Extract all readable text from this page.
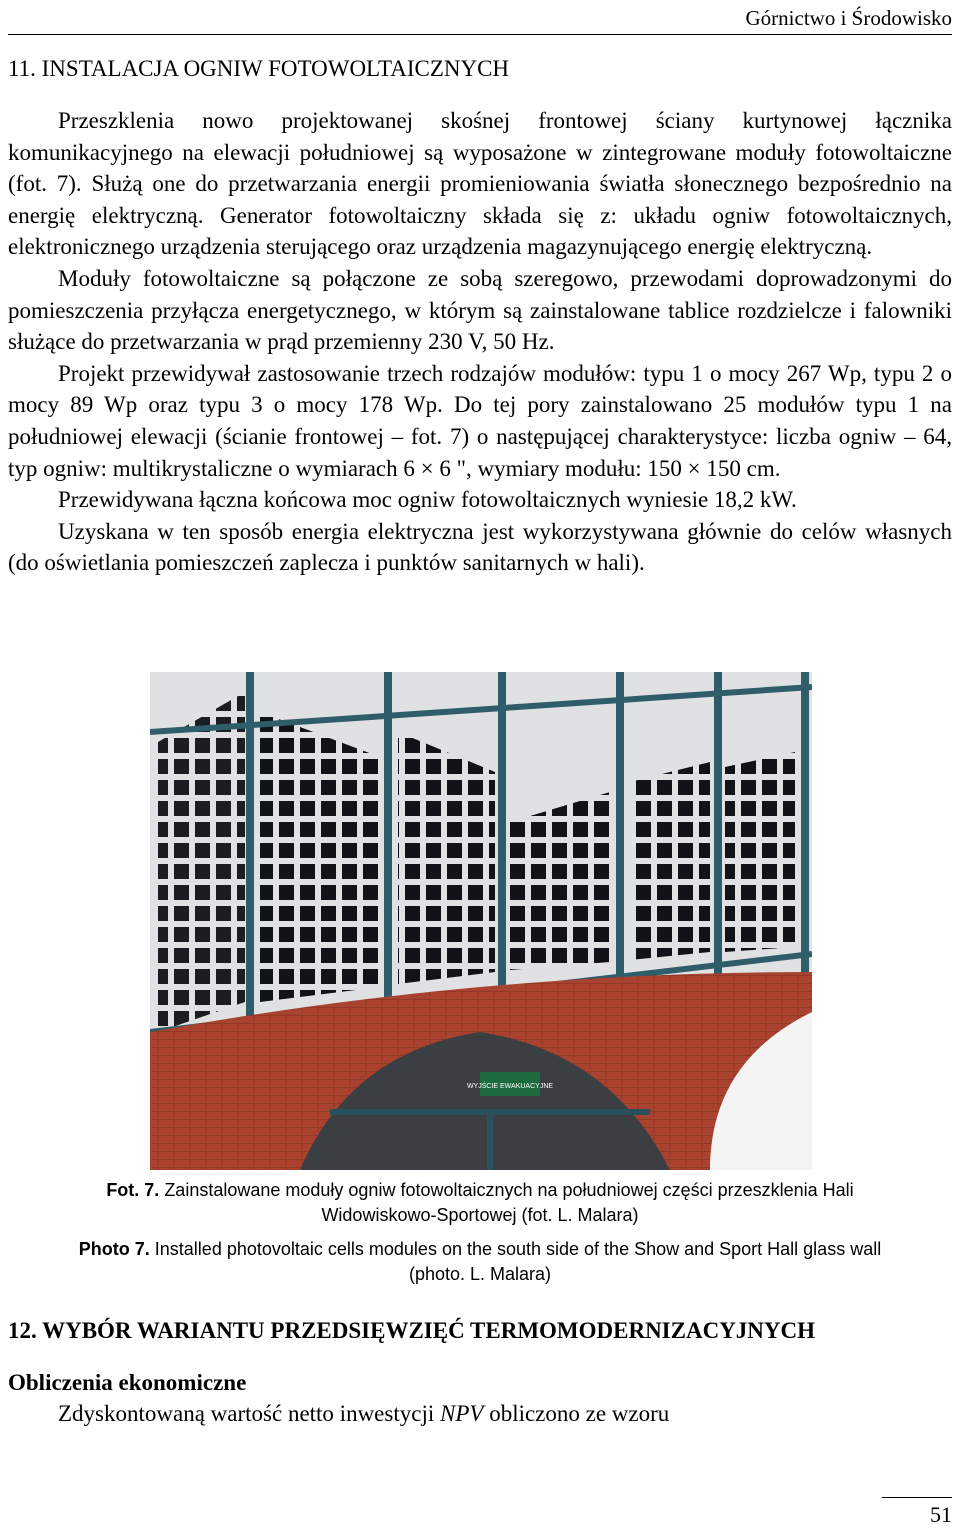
Górnictwo i Środowisko
11. INSTALACJA OGNIW FOTOWOLTAICZNYCH

Przeszklenia nowo projektowanej skośnej frontowej ściany kurtynowej łącznika komunikacyjnego na elewacji południowej są wyposażone w zintegrowane moduły fotowoltaiczne (fot. 7). Służą one do przetwarzania energii promieniowania światła słonecznego bezpośrednio na energię elektryczną. Generator fotowoltaiczny składa się z: układu ogniw fotowoltaicznych, elektronicznego urządzenia sterującego oraz urządzenia magazynującego energię elektryczną.

Moduły fotowoltaiczne są połączone ze sobą szeregowo, przewodami doprowadzonymi do pomieszczenia przyłącza energetycznego, w którym są zainstalowane tablice rozdzielcze i falowniki służące do przetwarzania w prąd przemienny 230 V, 50 Hz.

Projekt przewidywał zastosowanie trzech rodzajów modułów: typu 1 o mocy 267 Wp, typu 2 o mocy 89 Wp oraz typu 3 o mocy 178 Wp. Do tej pory zainstalowano 25 modułów typu 1 na południowej elewacji (ścianie frontowej – fot. 7) o następującej charakterystyce: liczba ogniw – 64, typ ogniw: multikrystaliczne o wymiarach 6 × 6 ", wymiary modułu: 150 × 150 cm.

Przewidywana łączna końcowa moc ogniw fotowoltaicznych wyniesie 18,2 kW.

Uzyskana w ten sposób energia elektryczna jest wykorzystywana głównie do celów własnych (do oświetlania pomieszczeń zaplecza i punktów sanitarnych w hali).

WYJŚCIE EWAKUACYJNE
Fot. 7. Zainstalowane moduły ogniw fotowoltaicznych na południowej części przeszklenia Hali Widowiskowo-Sportowej (fot. L. Malara)
Photo 7. Installed photovoltaic cells modules on the south side of the Show and Sport Hall glass wall (photo. L. Malara)
12. WYBÓR WARIANTU PRZEDSIĘWZIĘĆ TERMOMODERNIZACYJNYCH
Obliczenia ekonomiczne
Zdyskontowaną wartość netto inwestycji NPV obliczono ze wzoru
51
